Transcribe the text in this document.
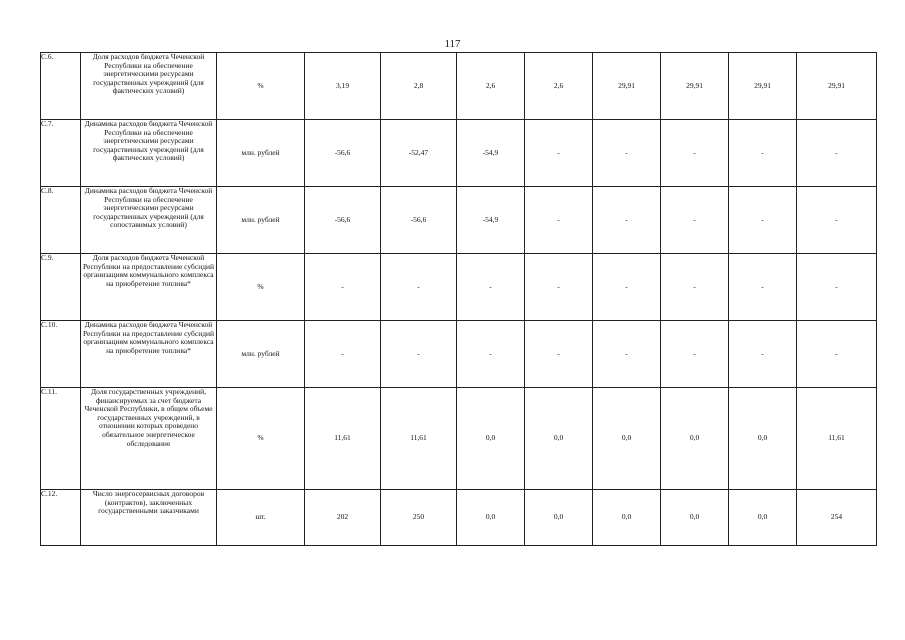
117
С.6.	Доля расходов бюджета Чеченской Республики на обеспечение энергетическими ресурсами государственных учреждений (для фактических условий)	%	3,19	2,8	2,6	2,6	29,91	29,91	29,91	29,91
С.7.	Динамика расходов бюджета Чеченской Республики на обеспечение энергетическими ресурсами государственных учреждений (для фактических условий)	млн. рублей	-56,6	-52,47	-54,9	-	-	-	-	-
С.8.	Динамика расходов бюджета Чеченской Республики на обеспечение энергетическими ресурсами государственных учреждений (для сопоставимых условий)	млн. рублей	-56,6	-56,6	-54,9	-	-	-	-	-
С.9.	Доля расходов бюджета Чеченской Республики на предоставление субсидий организациям коммунального комплекса на приобретение топлива*	%	-	-	-	-	-	-	-	-
С.10.	Динамика расходов бюджета Чеченской Республики на предоставление субсидий организациям коммунального комплекса на приобретение топлива*	млн. рублей	-	-	-	-	-	-	-	-
С.11.	Доля государственных учреждений, финансируемых за счет бюджета Чеченской Республики, в общем объеме государственных учреждений, в отношении которых проведено обязательное энергетическое обследование	%	11,61	11,61	0,0	0,0	0,0	0,0	0,0	11,61
С.12.	Число энергосервисных договоров (контрактов), заключенных государственными заказчиками	шт.	202	250	0,0	0,0	0,0	0,0	0,0	254
